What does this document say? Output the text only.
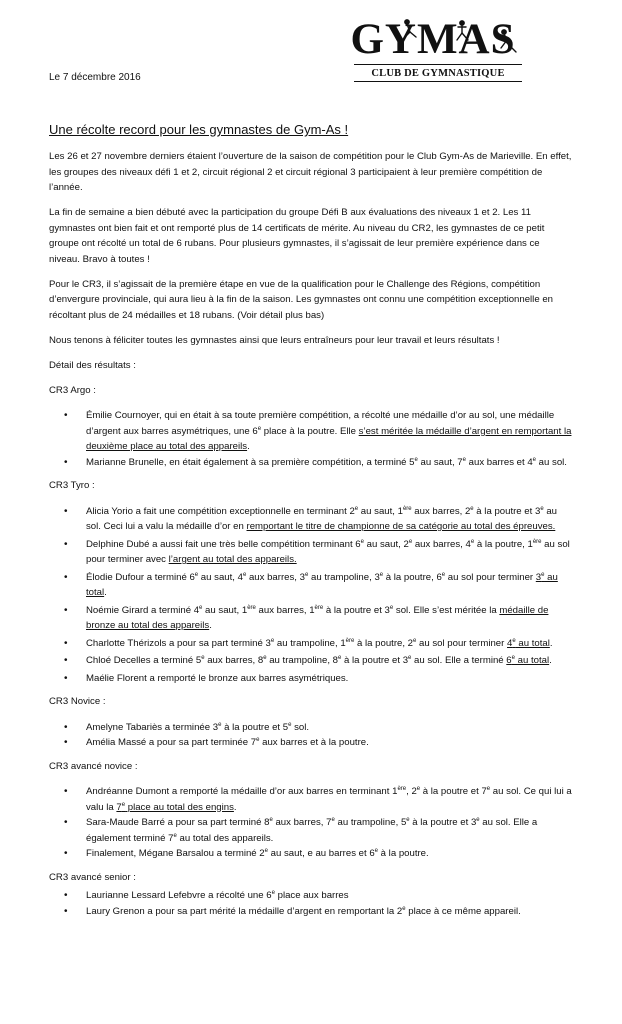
GYMAS
CLUB DE GYMNASTIQUE
Le 7 décembre 2016
Une récolte record pour les gymnastes de Gym-As !

Les 26 et 27 novembre derniers étaient l’ouverture de la saison de compétition pour le Club Gym-As de Marieville. En effet, les groupes des niveaux défi 1 et 2, circuit régional 2 et circuit régional 3 participaient à leur première compétition de l’année.

La fin de semaine a bien débuté avec la participation du groupe Défi B aux évaluations des niveaux 1 et 2. Les 11 gymnastes ont bien fait et ont remporté plus de 14 certificats de mérite. Au niveau du CR2, les gymnastes de ce petit groupe ont récolté un total de 6 rubans. Pour plusieurs gymnastes, il s’agissait de leur première expérience dans ce niveau. Bravo à toutes !

Pour le CR3, il s’agissait de la première étape en vue de la qualification pour le Challenge des Régions, compétition d’envergure provinciale, qui aura lieu à la fin de la saison. Les gymnastes ont connu une compétition exceptionnelle en récoltant plus de 24 médailles et 18 rubans. (Voir détail plus bas)

Nous tenons à féliciter toutes les gymnastes ainsi que leurs entraîneurs pour leur travail et leurs résultats !

Détail des résultats :

CR3 Argo :
• Émilie Cournoyer, qui en était à sa toute première compétition, a récolté une médaille d’or au sol, une médaille d’argent aux barres asymétriques, une 6e place à la poutre. Elle s’est méritée la médaille d’argent en remportant la deuxième place au total des appareils.
• Marianne Brunelle, en était également à sa première compétition, a terminé 5e au saut, 7e aux barres et 4e au sol.
CR3 Tyro :
• Alicia Yorio a fait une compétition exceptionnelle en terminant 2e au saut, 1ère aux barres, 2e à la poutre et 3e au sol. Ceci lui a valu la médaille d’or en remportant le titre de championne de sa catégorie au total des épreuves.
• Delphine Dubé a aussi fait une très belle compétition terminant 6e au saut, 2e aux barres, 4e à la poutre, 1ère au sol pour terminer avec l’argent au total des appareils.
• Élodie Dufour a terminé 6e au saut, 4e aux barres, 3e au trampoline, 3e à la poutre, 6e au sol pour terminer 3e au total.
• Noémie Girard a terminé 4e au saut, 1ère aux barres, 1ère à la poutre et 3e sol. Elle s’est méritée la médaille de bronze au total des appareils.
• Charlotte Thérizols a pour sa part terminé 3e au trampoline, 1ère à la poutre, 2e au sol pour terminer 4e au total.
• Chloé Decelles a terminé 5e aux barres, 8e au trampoline, 8e à la poutre et 3e au sol. Elle a terminé 6e au total.
• Maélie Florent a remporté le bronze aux barres asymétriques.
CR3 Novice :
• Amelyne Tabariès a terminée 3e à la poutre et 5e sol.
• Amélia Massé a pour sa part terminée 7e aux barres et à la poutre.
CR3 avancé novice :
• Andréanne Dumont a remporté la médaille d’or aux barres en terminant 1ère, 2e à la poutre et 7e au sol. Ce qui lui a valu la 7e place au total des engins.
• Sara-Maude Barré a pour sa part terminé 8e aux barres, 7e au trampoline, 5e à la poutre et 3e au sol. Elle a également terminé 7e au total des appareils.
• Finalement, Mégane Barsalou a terminé 2e au saut, e au barres et 6e à la poutre.
CR3 avancé senior :
• Laurianne Lessard Lefebvre a récolté une 6e place aux barres
• Laury Grenon a pour sa part mérité la médaille d’argent en remportant la 2e place à ce même appareil.
